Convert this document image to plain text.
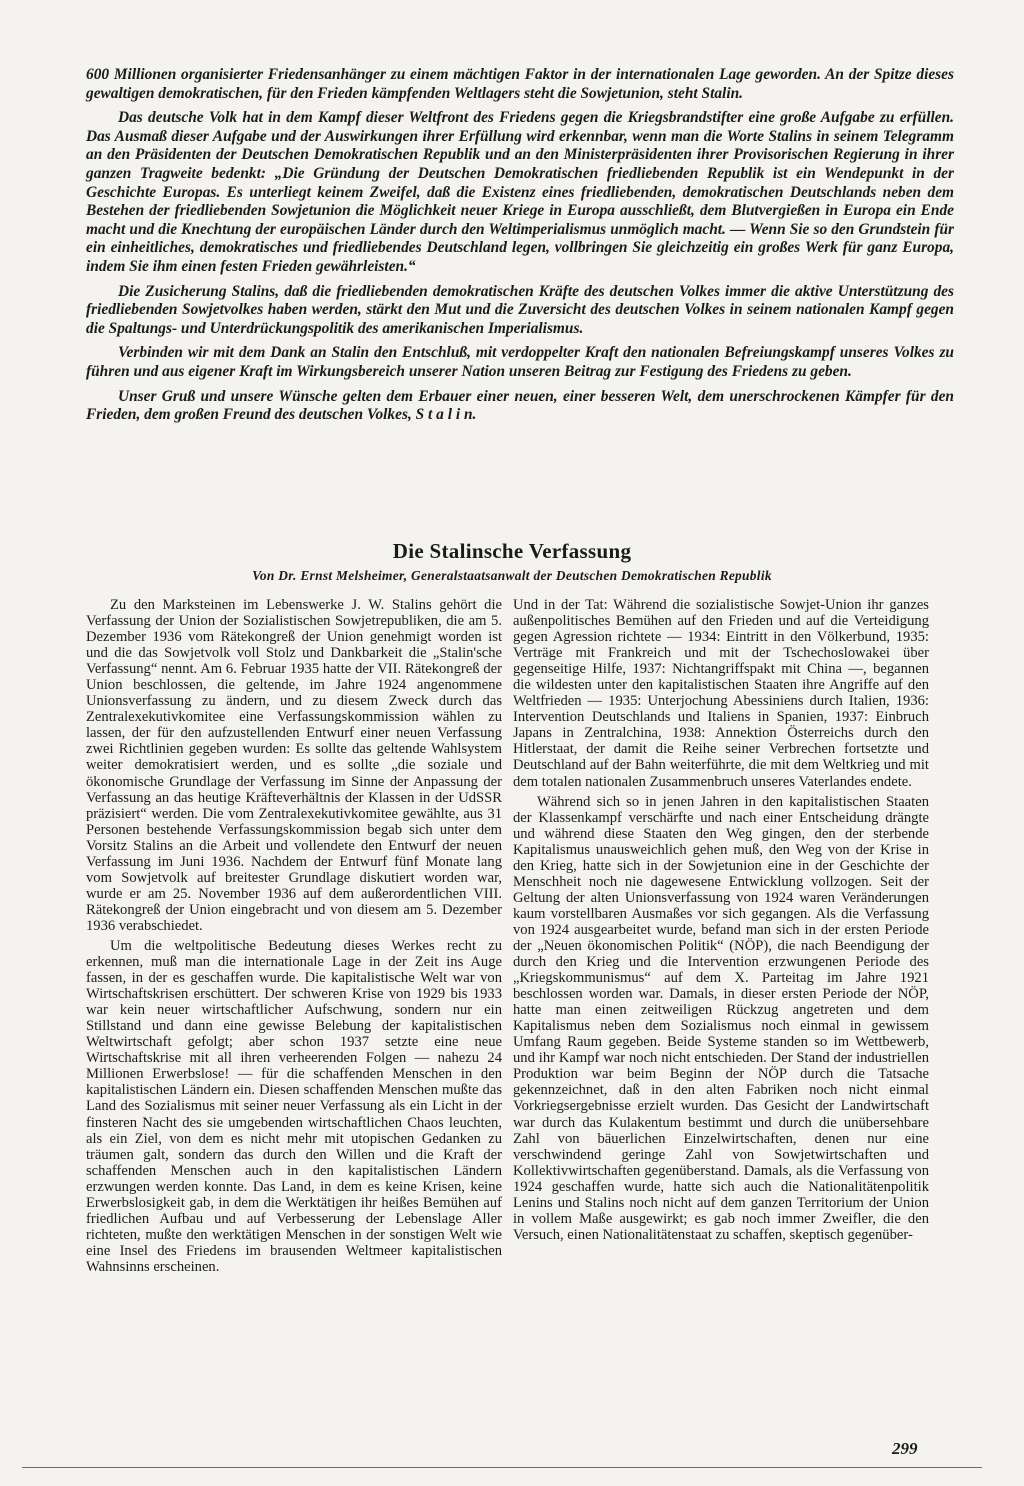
600 Millionen organisierter Friedensanhänger zu einem mächtigen Faktor in der internationalen Lage geworden. An der Spitze dieses gewaltigen demokratischen, für den Frieden kämpfenden Weltlagers steht die Sowjetunion, steht Stalin.

Das deutsche Volk hat in dem Kampf dieser Weltfront des Friedens gegen die Kriegsbrandstifter eine große Aufgabe zu erfüllen. Das Ausmaß dieser Aufgabe und der Auswirkungen ihrer Erfüllung wird erkennbar, wenn man die Worte Stalins in seinem Telegramm an den Präsidenten der Deutschen Demokratischen Republik und an den Ministerpräsidenten ihrer Provisorischen Regierung in ihrer ganzen Tragweite bedenkt: „Die Gründung der Deutschen Demokratischen friedliebenden Republik ist ein Wendepunkt in der Geschichte Europas. Es unterliegt keinem Zweifel, daß die Existenz eines friedliebenden, demokratischen Deutschlands neben dem Bestehen der friedliebenden Sowjetunion die Möglichkeit neuer Kriege in Europa ausschließt, dem Blutvergießen in Europa ein Ende macht und die Knechtung der europäischen Länder durch den Weltimperialismus unmöglich macht. — Wenn Sie so den Grundstein für ein einheitliches, demokratisches und friedliebendes Deutschland legen, vollbringen Sie gleichzeitig ein großes Werk für ganz Europa, indem Sie ihm einen festen Frieden gewährleisten.“

Die Zusicherung Stalins, daß die friedliebenden demokratischen Kräfte des deutschen Volkes immer die aktive Unterstützung des friedliebenden Sowjetvolkes haben werden, stärkt den Mut und die Zuversicht des deutschen Volkes in seinem nationalen Kampf gegen die Spaltungs- und Unterdrückungspolitik des amerikanischen Imperialismus.

Verbinden wir mit dem Dank an Stalin den Entschluß, mit verdoppelter Kraft den nationalen Befreiungskampf unseres Volkes zu führen und aus eigener Kraft im Wirkungsbereich unserer Nation unseren Beitrag zur Festigung des Friedens zu geben.

Unser Gruß und unsere Wünsche gelten dem Erbauer einer neuen, einer besseren Welt, dem unerschrockenen Kämpfer für den Frieden, dem großen Freund des deutschen Volkes, S t a l i n.

Die Stalinsche Verfassung
Von Dr. Ernst Melsheimer, Generalstaatsanwalt der Deutschen Demokratischen Republik

Zu den Marksteinen im Lebenswerke J. W. Stalins gehört die Verfassung der Union der Sozialistischen Sowjetrepubliken, die am 5. Dezember 1936 vom Rätekongreß der Union genehmigt worden ist und die das Sowjetvolk voll Stolz und Dankbarkeit die „Stalin'sche Verfassung“ nennt. Am 6. Februar 1935 hatte der VII. Rätekongreß der Union beschlossen, die geltende, im Jahre 1924 angenommene Unionsverfassung zu ändern, und zu diesem Zweck durch das Zentralexekutivkomitee eine Verfassungskommission wählen zu lassen, der für den aufzustellenden Entwurf einer neuen Verfassung zwei Richtlinien gegeben wurden: Es sollte das geltende Wahlsystem weiter demokratisiert werden, und es sollte „die soziale und ökonomische Grundlage der Verfassung im Sinne der Anpassung der Verfassung an das heutige Kräfteverhältnis der Klassen in der UdSSR präzisiert“ werden. Die vom Zentralexekutivkomitee gewählte, aus 31 Personen bestehende Verfassungskommission begab sich unter dem Vorsitz Stalins an die Arbeit und vollendete den Entwurf der neuen Verfassung im Juni 1936. Nachdem der Entwurf fünf Monate lang vom Sowjetvolk auf breitester Grundlage diskutiert worden war, wurde er am 25. November 1936 auf dem außerordentlichen VIII. Rätekongreß der Union eingebracht und von diesem am 5. Dezember 1936 verabschiedet.

Um die weltpolitische Bedeutung dieses Werkes recht zu erkennen, muß man die internationale Lage in der Zeit ins Auge fassen, in der es geschaffen wurde. Die kapitalistische Welt war von Wirtschaftskrisen erschüttert. Der schweren Krise von 1929 bis 1933 war kein neuer wirtschaftlicher Aufschwung, sondern nur ein Stillstand und dann eine gewisse Belebung der kapitalistischen Weltwirtschaft gefolgt; aber schon 1937 setzte eine neue Wirtschaftskrise mit all ihren verheerenden Folgen — nahezu 24 Millionen Erwerbslose! — für die schaffenden Menschen in den kapitalistischen Ländern ein. Diesen schaffenden Menschen mußte das Land des Sozialismus mit seiner neuer Verfassung als ein Licht in der finsteren Nacht des sie umgebenden wirtschaftlichen Chaos leuchten, als ein Ziel, von dem es nicht mehr mit utopischen Gedanken zu träumen galt, sondern das durch den Willen und die Kraft der schaffenden Menschen auch in den kapitalistischen Ländern erzwungen werden konnte. Das Land, in dem es keine Krisen, keine Erwerbslosigkeit gab, in dem die Werktätigen ihr heißes Bemühen auf friedlichen Aufbau und auf Verbesserung der Lebenslage Aller richteten, mußte den werktätigen Menschen in der sonstigen Welt wie eine Insel des Friedens im brausenden Weltmeer kapitalistischen Wahnsinns erscheinen.

Und in der Tat: Während die sozialistische Sowjet-Union ihr ganzes außenpolitisches Bemühen auf den Frieden und auf die Verteidigung gegen Agression richtete — 1934: Eintritt in den Völkerbund, 1935: Verträge mit Frankreich und mit der Tschechoslowakei über gegenseitige Hilfe, 1937: Nichtangriffspakt mit China —, begannen die wildesten unter den kapitalistischen Staaten ihre Angriffe auf den Weltfrieden — 1935: Unterjochung Abessiniens durch Italien, 1936: Intervention Deutschlands und Italiens in Spanien, 1937: Einbruch Japans in Zentralchina, 1938: Annektion Österreichs durch den Hitlerstaat, der damit die Reihe seiner Verbrechen fortsetzte und Deutschland auf der Bahn weiterführte, die mit dem Weltkrieg und mit dem totalen nationalen Zusammenbruch unseres Vaterlandes endete.

Während sich so in jenen Jahren in den kapitalistischen Staaten der Klassenkampf verschärfte und nach einer Entscheidung drängte und während diese Staaten den Weg gingen, den der sterbende Kapitalismus unausweichlich gehen muß, den Weg von der Krise in den Krieg, hatte sich in der Sowjetunion eine in der Geschichte der Menschheit noch nie dagewesene Entwicklung vollzogen. Seit der Geltung der alten Unionsverfassung von 1924 waren Veränderungen kaum vorstellbaren Ausmaßes vor sich gegangen. Als die Verfassung von 1924 ausgearbeitet wurde, befand man sich in der ersten Periode der „Neuen ökonomischen Politik“ (NÖP), die nach Beendigung der durch den Krieg und die Intervention erzwungenen Periode des „Kriegskommunismus“ auf dem X. Parteitag im Jahre 1921 beschlossen worden war. Damals, in dieser ersten Periode der NÖP, hatte man einen zeitweiligen Rückzug angetreten und dem Kapitalismus neben dem Sozialismus noch einmal in gewissem Umfang Raum gegeben. Beide Systeme standen so im Wettbewerb, und ihr Kampf war noch nicht entschieden. Der Stand der industriellen Produktion war beim Beginn der NÖP durch die Tatsache gekennzeichnet, daß in den alten Fabriken noch nicht einmal Vorkriegsergebnisse erzielt wurden. Das Gesicht der Landwirtschaft war durch das Kulakentum bestimmt und durch die unübersehbare Zahl von bäuerlichen Einzelwirtschaften, denen nur eine verschwindend geringe Zahl von Sowjetwirtschaften und Kollektivwirtschaften gegenüberstand. Damals, als die Verfassung von 1924 geschaffen wurde, hatte sich auch die Nationalitätenpolitik Lenins und Stalins noch nicht auf dem ganzen Territorium der Union in vollem Maße ausgewirkt; es gab noch immer Zweifler, die den Versuch, einen Nationalitätenstaat zu schaffen, skeptisch gegenüber-

299
